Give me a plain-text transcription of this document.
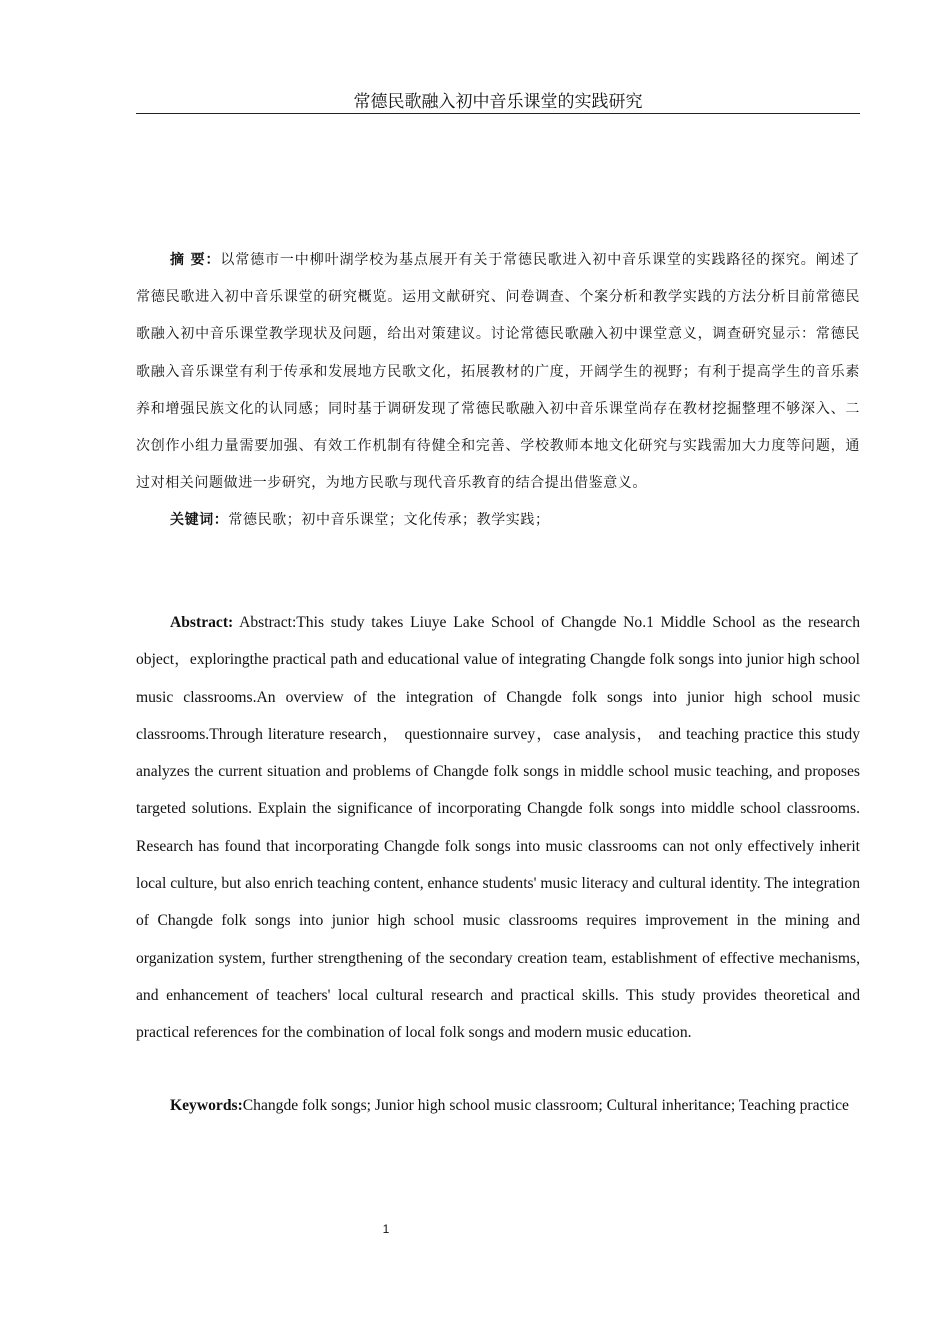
常德民歌融入初中音乐课堂的实践研究

摘 要：以常德市一中柳叶湖学校为基点展开有关于常德民歌进入初中音乐课堂的实践路径的探究。阐述了常德民歌进入初中音乐课堂的研究概览。运用文献研究、问卷调查、个案分析和教学实践的方法分析目前常德民歌融入初中音乐课堂教学现状及问题，给出对策建议。讨论常德民歌融入初中课堂意义，调查研究显示：常德民歌融入音乐课堂有利于传承和发展地方民歌文化，拓展教材的广度，开阔学生的视野；有利于提高学生的音乐素养和增强民族文化的认同感；同时基于调研发现了常德民歌融入初中音乐课堂尚存在教材挖掘整理不够深入、二次创作小组力量需要加强、有效工作机制有待健全和完善、学校教师本地文化研究与实践需加大力度等问题，通过对相关问题做进一步研究，为地方民歌与现代音乐教育的结合提出借鉴意义。

关键词：常德民歌；初中音乐课堂；文化传承；教学实践；

Abstract: Abstract:This study takes Liuye Lake School of Changde No.1 Middle School as the research object，exploringthe practical path and educational value of integrating Changde folk songs into junior high school music classrooms.An overview of the integration of Changde folk songs into junior high school music classrooms.Through literature research， questionnaire survey，case analysis， and teaching practice this study analyzes the current situation and problems of Changde folk songs in middle school music teaching, and proposes targeted solutions. Explain the significance of incorporating Changde folk songs into middle school classrooms. Research has found that incorporating Changde folk songs into music classrooms can not only effectively inherit local culture, but also enrich teaching content, enhance students' music literacy and cultural identity. The integration of Changde folk songs into junior high school music classrooms requires improvement in the mining and organization system, further strengthening of the secondary creation team, establishment of effective mechanisms, and enhancement of teachers' local cultural research and practical skills. This study provides theoretical and practical references for the combination of local folk songs and modern music education.

Keywords:Changde folk songs; Junior high school music classroom; Cultural inheritance; Teaching practice

1
